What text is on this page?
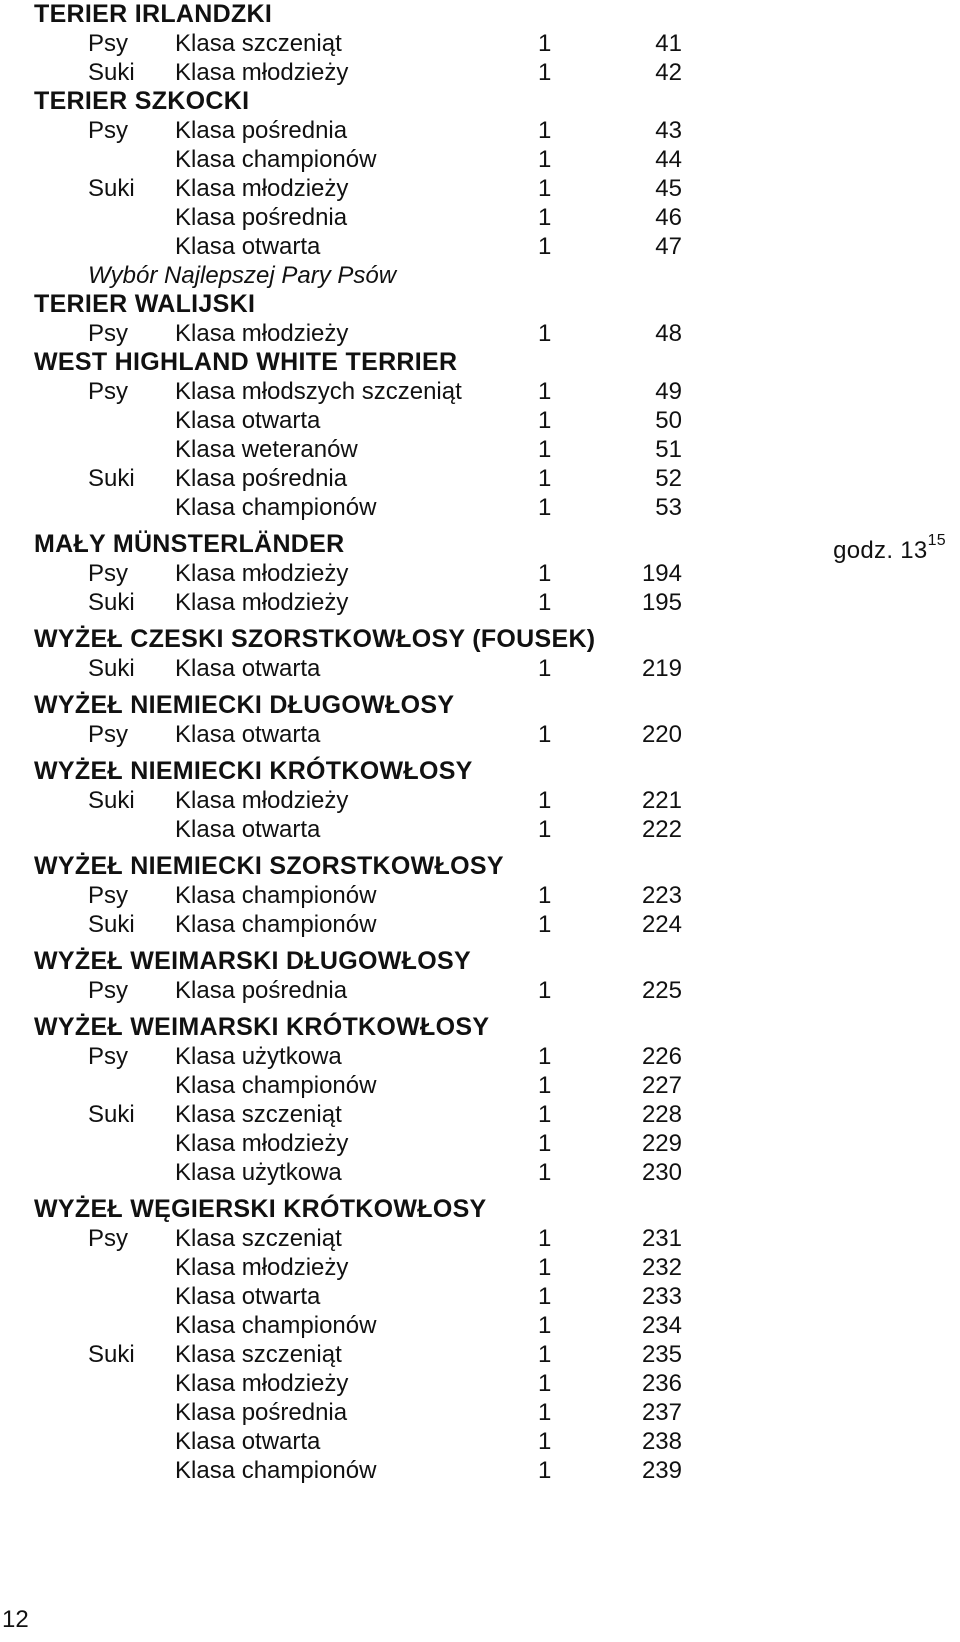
TERIER IRLANDZKI
Psy Klasa szczeniąt	1	41
Suki Klasa młodzieży	1	42
TERIER SZKOCKI
Psy Klasa pośrednia	1	43
Klasa championów	1	44
Suki Klasa młodzieży	1	45
Klasa pośrednia	1	46
Klasa otwarta	1	47
Wybór Najlepszej Pary Psów
TERIER WALIJSKI
Psy Klasa młodzieży	1	48
WEST HIGHLAND WHITE TERRIER
Psy Klasa młodszych szczeniąt	1	49
Klasa otwarta	1	50
Klasa weteranów	1	51
Suki Klasa pośrednia	1	52
Klasa championów	1	53
MAŁY MÜNSTERLÄNDER	godz. $13^{15}$
Psy Klasa młodzieży	1	194
Suki Klasa młodzieży	1	195
WYŻEŁ CZESKI SZORSTKOWŁOSY (FOUSEK)
Suki Klasa otwarta	1	219
WYŻEŁ NIEMIECKI DŁUGOWŁOSY
Psy Klasa otwarta	1	220
WYŻEŁ NIEMIECKI KRÓTKOWŁOSY
Suki Klasa młodzieży	1	221
Klasa otwarta	1	222
WYŻEŁ NIEMIECKI SZORSTKOWŁOSY
Psy Klasa championów	1	223
Suki Klasa championów	1	224
WYŻEŁ WEIMARSKI DŁUGOWŁOSY
Psy Klasa pośrednia	1	225
WYŻEŁ WEIMARSKI KRÓTKOWŁOSY
Psy Klasa użytkowa	1	226
Klasa championów	1	227
Suki Klasa szczeniąt	1	228
Klasa młodzieży	1	229
Klasa użytkowa	1	230
WYŻEŁ WĘGIERSKI KRÓTKOWŁOSY
Psy Klasa szczeniąt	1	231
Klasa młodzieży	1	232
Klasa otwarta	1	233
Klasa championów	1	234
Suki Klasa szczeniąt	1	235
Klasa młodzieży	1	236
Klasa pośrednia	1	237
Klasa otwarta	1	238
Klasa championów	1	239
12
